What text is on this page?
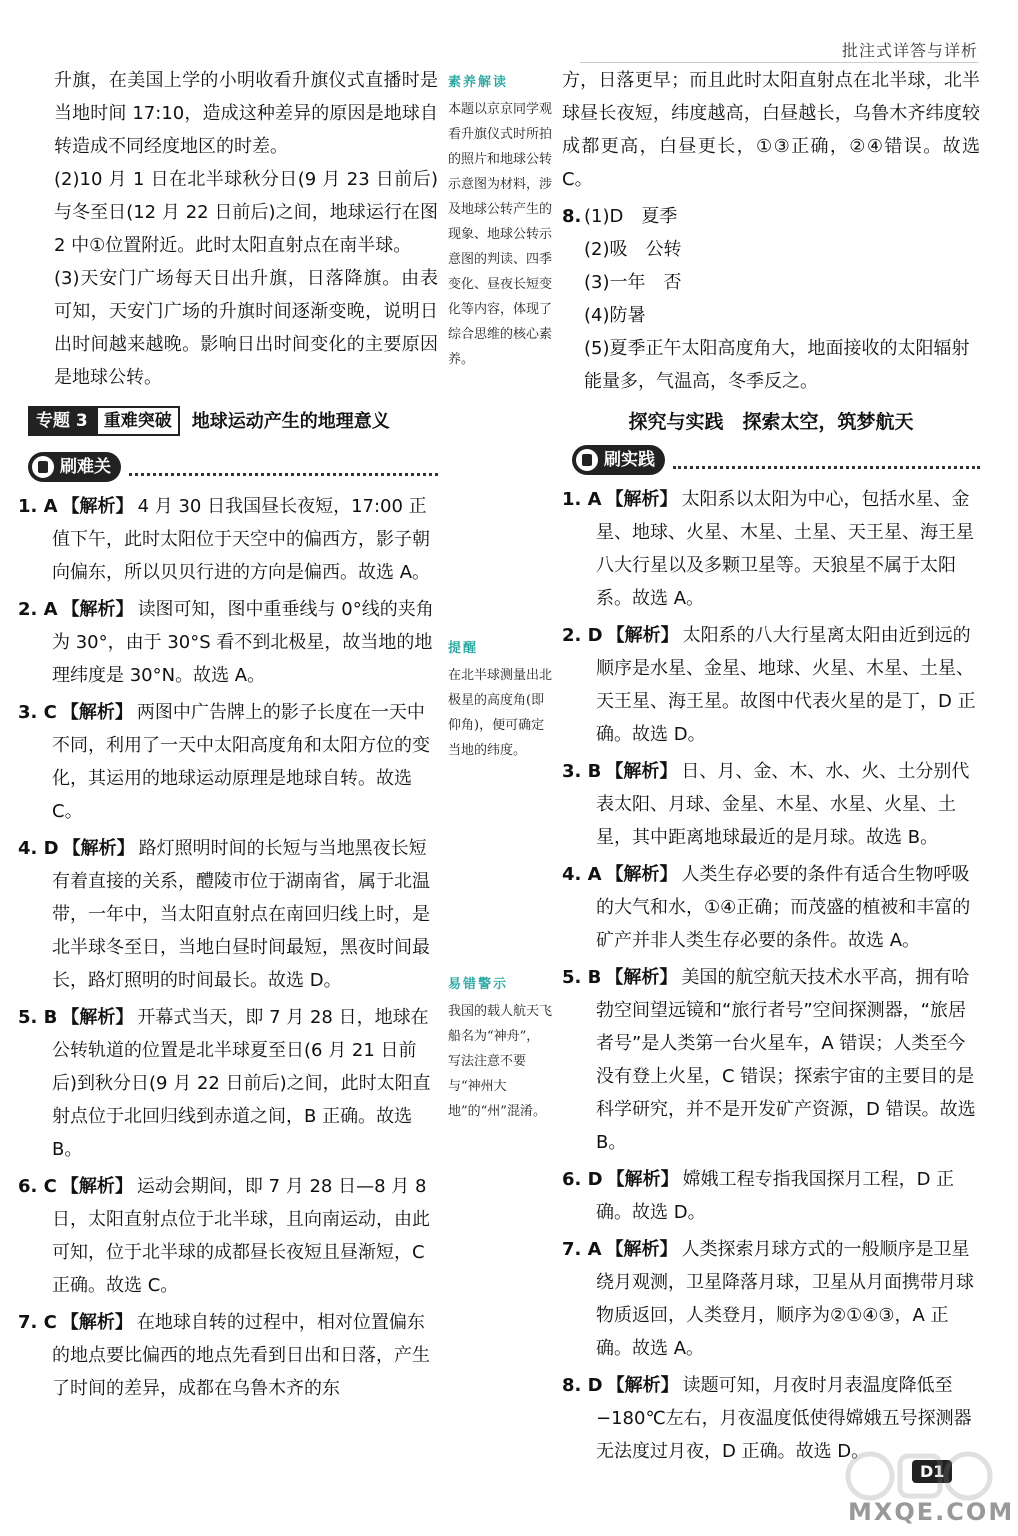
批注式详答与详析

升旗，在美国上学的小明收看升旗仪式直播时是当地时间 17:10，造成这种差异的原因是地球自转造成不同经度地区的时差。

(2)10 月 1 日在北半球秋分日(9 月 23 日前后)与冬至日(12 月 22 日前后)之间，地球运行在图 2 中①位置附近。此时太阳直射点在南半球。

(3)天安门广场每天日出升旗，日落降旗。由表可知，天安门广场的升旗时间逐渐变晚，说明日出时间越来越晚。影响日出时间变化的主要原因是地球公转。

专题 3 重难突破	地球运动产生的地理意义
刷难关

1. A 【解析】 4 月 30 日我国昼长夜短，17:00 正值下午，此时太阳位于天空中的偏西方，影子朝向偏东，所以贝贝行进的方向是偏西。故选 A。

2. A 【解析】 读图可知，图中重垂线与 0°线的夹角为 30°，由于 30°S 看不到北极星，故当地的地理纬度是 30°N。故选 A。

3. C 【解析】 两图中广告牌上的影子长度在一天中不同，利用了一天中太阳高度角和太阳方位的变化，其运用的地球运动原理是地球自转。故选 C。

4. D 【解析】 路灯照明时间的长短与当地黑夜长短有着直接的关系，醴陵市位于湖南省，属于北温带，一年中，当太阳直射点在南回归线上时，是北半球冬至日，当地白昼时间最短，黑夜时间最长，路灯照明的时间最长。故选 D。

5. B 【解析】 开幕式当天，即 7 月 28 日，地球在公转轨道的位置是北半球夏至日(6 月 21 日前后)到秋分日(9 月 22 日前后)之间，此时太阳直射点位于北回归线到赤道之间，B 正确。故选 B。

6. C 【解析】 运动会期间，即 7 月 28 日—8 月 8 日，太阳直射点位于北半球，且向南运动，由此可知，位于北半球的成都昼长夜短且昼渐短，C 正确。故选 C。

7. C 【解析】 在地球自转的过程中，相对位置偏东的地点要比偏西的地点先看到日出和日落，产生了时间的差异，成都在乌鲁木齐的东

素养解读
本题以京京同学观看升旗仪式时所拍的照片和地球公转示意图为材料，涉及地球公转产生的现象、地球公转示意图的判读、四季变化、昼夜长短变化等内容，体现了综合思维的核心素养。
提醒
在北半球测量出北极星的高度角(即仰角)，便可确定当地的纬度。
易错警示
我国的载人航天飞船名为“神舟”，写法注意不要与“神州大地”的“州”混淆。

方，日落更早；而且此时太阳直射点在北半球，北半球昼长夜短，纬度越高，白昼越长，乌鲁木齐纬度较成都更高，白昼更长，①③正确，②④错误。故选 C。

8. (1)D　夏季
(2)吸　公转
(3)一年　否
(4)防暑
(5)夏季正午太阳高度角大，地面接收的太阳辐射能量多，气温高，冬季反之。
探究与实践　探索太空，筑梦航天
刷实践

1. A 【解析】 太阳系以太阳为中心，包括水星、金星、地球、火星、木星、土星、天王星、海王星八大行星以及多颗卫星等。天狼星不属于太阳系。故选 A。

2. D 【解析】 太阳系的八大行星离太阳由近到远的顺序是水星、金星、地球、火星、木星、土星、天王星、海王星。故图中代表火星的是丁，D 正确。故选 D。

3. B 【解析】 日、月、金、木、水、火、土分别代表太阳、月球、金星、木星、水星、火星、土星，其中距离地球最近的是月球。故选 B。

4. A 【解析】 人类生存必要的条件有适合生物呼吸的大气和水，①④正确；而茂盛的植被和丰富的矿产并非人类生存必要的条件。故选 A。

5. B 【解析】 美国的航空航天技术水平高，拥有哈勃空间望远镜和“旅行者号”空间探测器，“旅居者号”是人类第一台火星车，A 错误；人类至今没有登上火星，C 错误；探索宇宙的主要目的是科学研究，并不是开发矿产资源，D 错误。故选 B。

6. D 【解析】 嫦娥工程专指我国探月工程，D 正确。故选 D。

7. A 【解析】 人类探索月球方式的一般顺序是卫星绕月观测，卫星降落月球，卫星从月面携带月球物质返回，人类登月，顺序为②①④③，A 正确。故选 A。

8. D 【解析】 读题可知，月夜时月表温度降低至 −180℃左右，月夜温度低使得嫦娥五号探测器无法度过月夜，D 正确。故选 D。

D1
MXQE.COM
